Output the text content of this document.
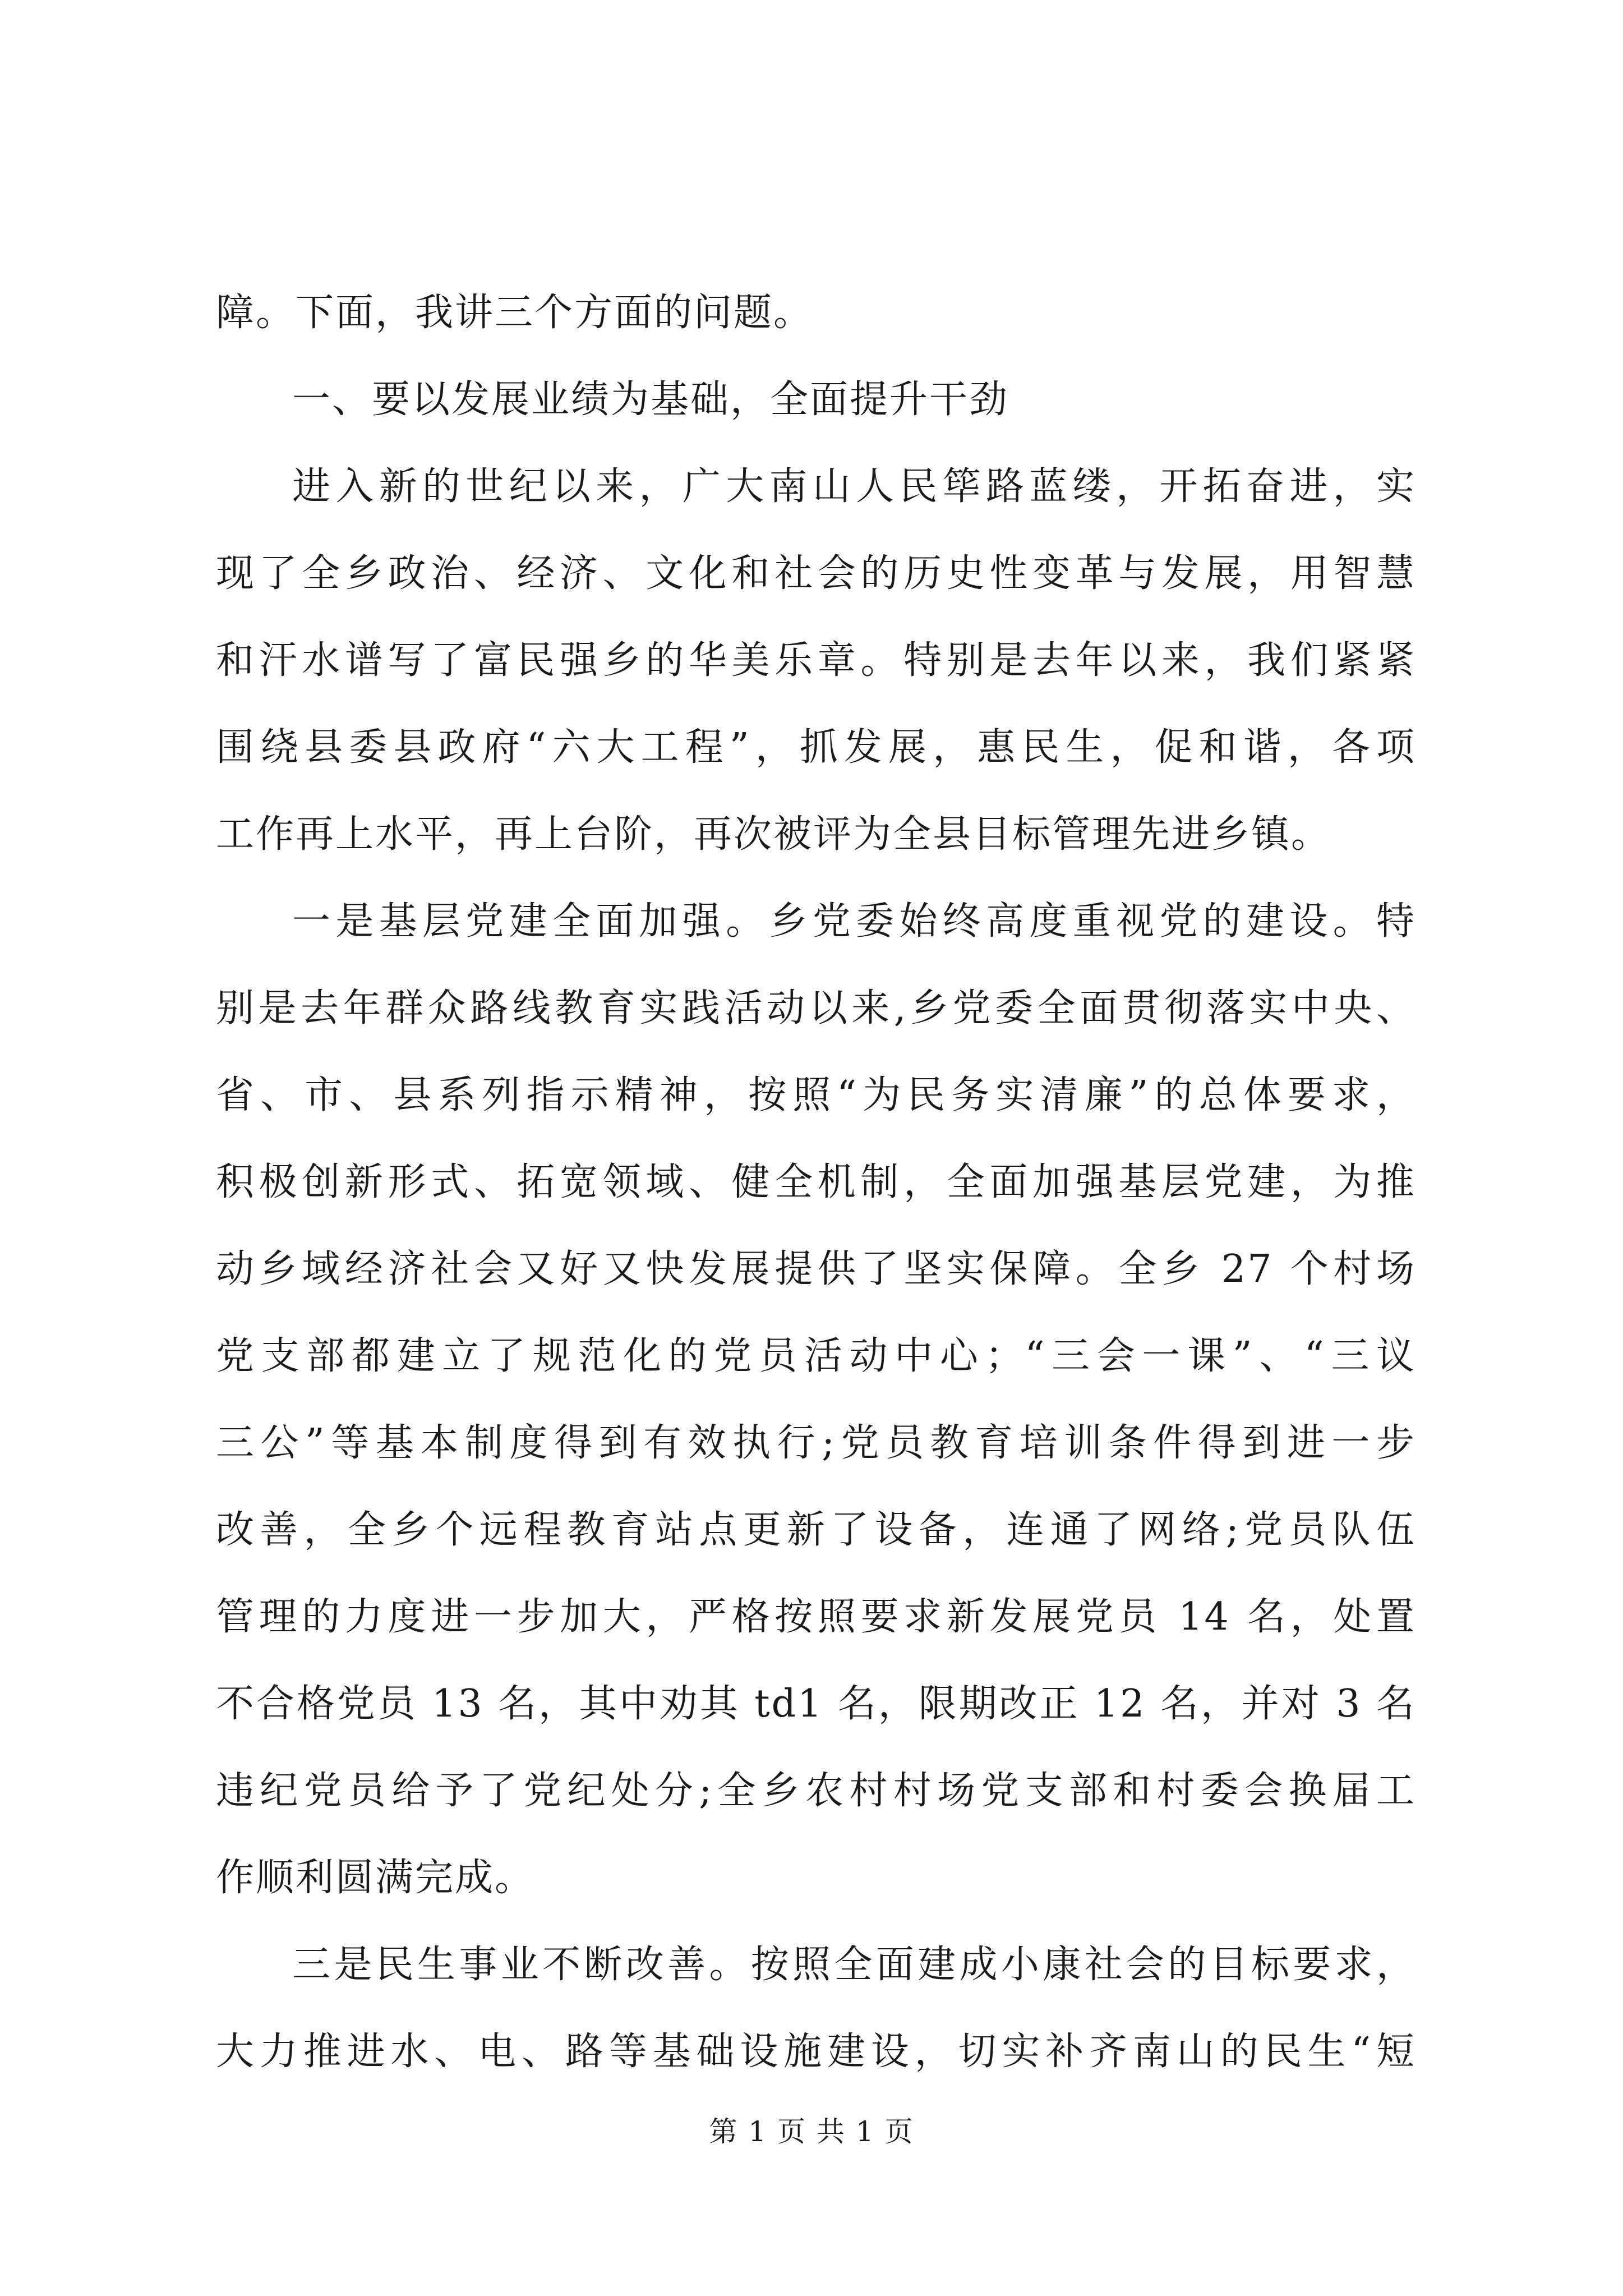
障。下面，我讲三个方面的问题。
一、要以发展业绩为基础，全面提升干劲
进入新的世纪以来，广大南山人民筚路蓝缕，开拓奋进，实
现了全乡政治、经济、文化和社会的历史性变革与发展，用智慧
和汗水谱写了富民强乡的华美乐章。特别是去年以来，我们紧紧
围绕县委县政府“六大工程”，抓发展，惠民生，促和谐，各项
工作再上水平，再上台阶，再次被评为全县目标管理先进乡镇。
一是基层党建全面加强。乡党委始终高度重视党的建设。特
别是去年群众路线教育实践活动以来,乡党委全面贯彻落实中央、
省、市、县系列指示精神，按照“为民务实清廉”的总体要求，
积极创新形式、拓宽领域、健全机制，全面加强基层党建，为推
动乡域经济社会又好又快发展提供了坚实保障。全乡 27 个村场
党支部都建立了规范化的党员活动中心；“三会一课”、“三议
三公”等基本制度得到有效执行;党员教育培训条件得到进一步
改善，全乡个远程教育站点更新了设备，连通了网络;党员队伍
管理的力度进一步加大，严格按照要求新发展党员 14 名，处置
不合格党员 13 名，其中劝其 td1 名，限期改正 12 名，并对 3 名
违纪党员给予了党纪处分;全乡农村村场党支部和村委会换届工
作顺利圆满完成。
三是民生事业不断改善。按照全面建成小康社会的目标要求，
大力推进水、电、路等基础设施建设，切实补齐南山的民生“短
第 1 页 共 1 页
